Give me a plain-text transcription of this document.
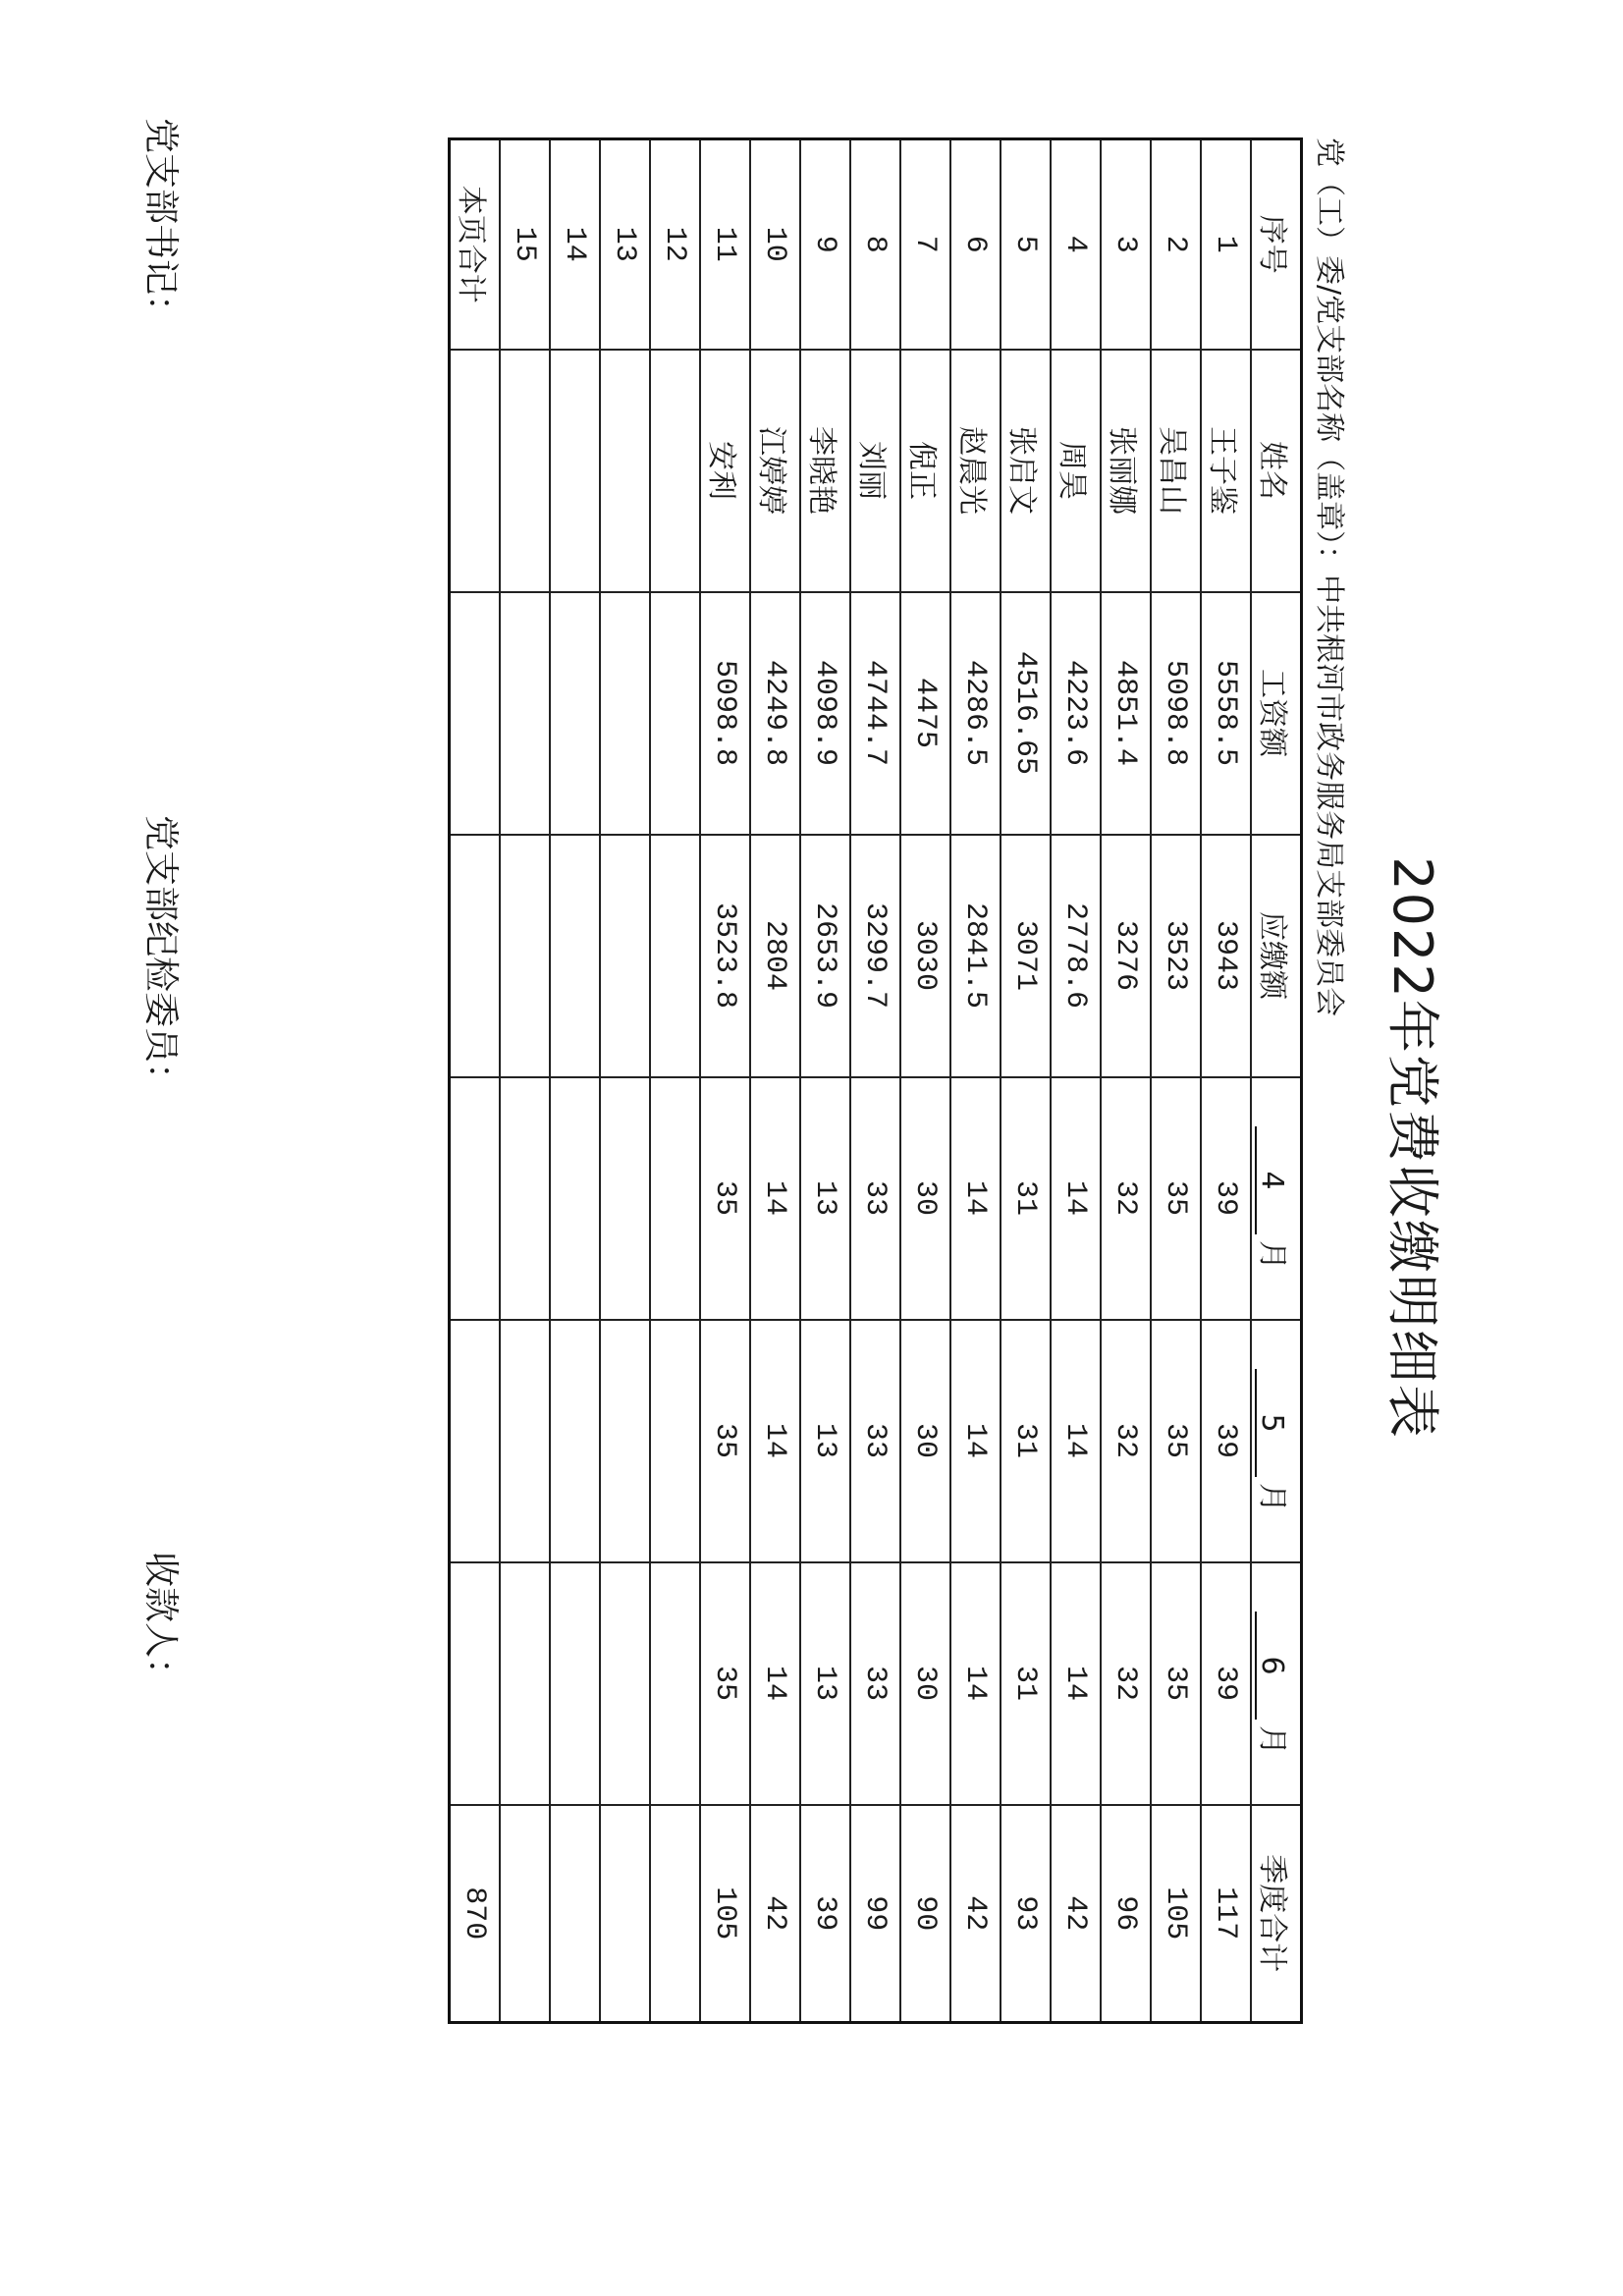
2022年党费收缴明细表
党（工）委/党支部名称（盖章）：中共根河市政务服务局支部委员会
序号	姓名	工资额	应缴额	4月	5月	6月	季度合计
1	王子鉴	5558.5	3943	39	39	39	117
2	吴昌山	5098.8	3523	35	35	35	105
3	张丽娜	4851.4	3276	32	32	32	96
4	周昊	4223.6	2778.6	14	14	14	42
5	张启文	4516.65	3071	31	31	31	93
6	赵晨光	4286.5	2841.5	14	14	14	42
7	倪正	4475	3030	30	30	30	90
8	刘丽	4744.7	3299.7	33	33	33	99
9	李晓艳	4098.9	2653.9	13	13	13	39
10	江婷婷	4249.8	2804	14	14	14	42
11	安利	5098.8	3523.8	35	35	35	105
12							
13							
14							
15							
本页合计							870
党支部书记：
党支部纪检委员：
收款人：
